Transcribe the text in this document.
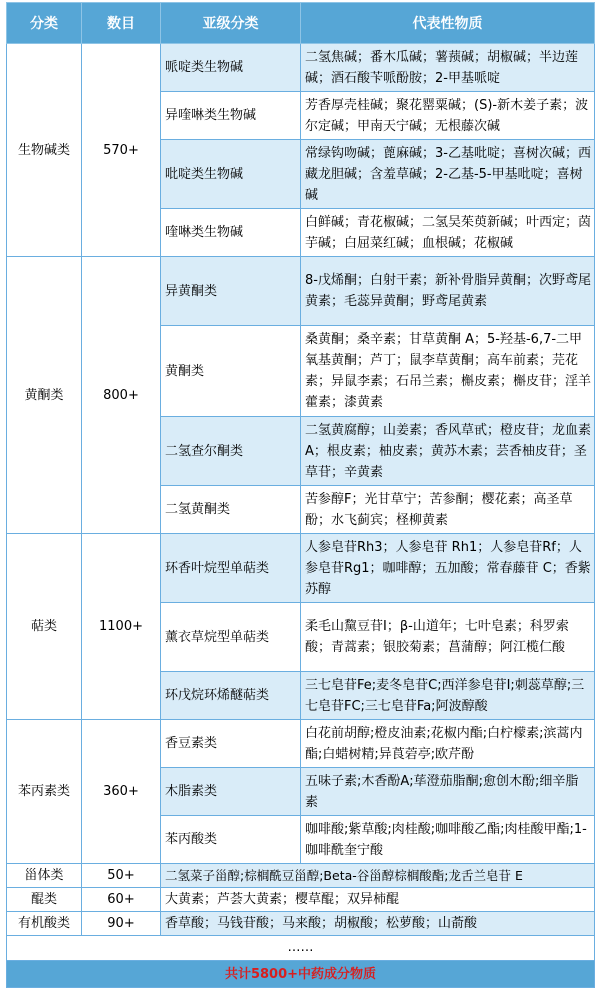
分类	数目	亚级分类	代表性物质
生物碱类	570+	哌啶类生物碱	二氢焦碱；番木瓜碱；薯蓣碱；胡椒碱；半边莲碱；酒石酸苄哌酚胺；2-甲基哌啶
		异喹啉类生物碱	芳香厚壳桂碱；聚花罂粟碱；(S)-新木姜子素；波尔定碱；甲南天宁碱；无根藤次碱
		吡啶类生物碱	常绿钩吻碱；蓖麻碱；3-乙基吡啶；喜树次碱；西藏龙胆碱；含羞草碱；2-乙基-5-甲基吡啶；喜树碱
		喹啉类生物碱	白鲜碱；青花椒碱；二氢吴茱萸新碱；叶西定；茵芋碱；白屈菜红碱；血根碱；花椒碱
黄酮类	800+	异黄酮类	8-戊烯酮；白射干素；新补骨脂异黄酮；次野鸢尾黄素；毛蕊异黄酮；野鸢尾黄素
		黄酮类	桑黄酮；桑辛素；甘草黄酮 A；5-羟基-6,7-二甲氧基黄酮；芦丁；鼠李草黄酮；高车前素；芫花素；异鼠李素；石吊兰素；槲皮素；槲皮苷；淫羊藿素；漆黄素
		二氢查尔酮类	二氢黄腐醇；山姜素；香风草甙；橙皮苷；龙血素A；根皮素；柚皮素；黄苏木素；芸香柚皮苷；圣草苷；辛黄素
		二氢黄酮类	苦参醇F；光甘草宁；苦参酮；樱花素；高圣草酚；水飞蓟宾；柽柳黄素
萜类	1100+	环香叶烷型单萜类	人参皂苷Rh3；人参皂苷 Rh1；人参皂苷Rf；人参皂苷Rg1；咖啡醇；五加酸；常春藤苷 C；香紫苏醇
		薰衣草烷型单萜类	柔毛山黧豆苷I；β-山道年；七叶皂素；科罗索酸；青蒿素；银胶菊素；菖蒲醇；阿江榄仁酸
		环戊烷环烯醚萜类	三七皂苷Fe;麦冬皂苷C;西洋参皂苷I;刺蕊草醇;三七皂苷FC;三七皂苷Fa;阿波醇酸
苯丙素类	360+	香豆素类	白花前胡醇;橙皮油素;花椒内酯;白柠檬素;滨蒿内酯;白蜡树精;异莨菪亭;欧芹酚
		木脂素类	五味子素;木香酚A;荜澄茄脂酮;愈创木酚;细辛脂素
		苯丙酸类	咖啡酸;紫草酸;肉桂酸;咖啡酸乙酯;肉桂酸甲酯;1-咖啡酰奎宁酸
甾体类	50+	二氢菜子甾醇;棕榈酰豆甾醇;Beta-谷甾醇棕榈酸酯;龙舌兰皂苷 E	
醌类	60+	大黄素；芦荟大黄素；樱草醌；双异柿醌	
有机酸类	90+	香草酸；马钱苷酸；马来酸；胡椒酸；松萝酸；山萮酸	
……			
共计5800+中药成分物质			
